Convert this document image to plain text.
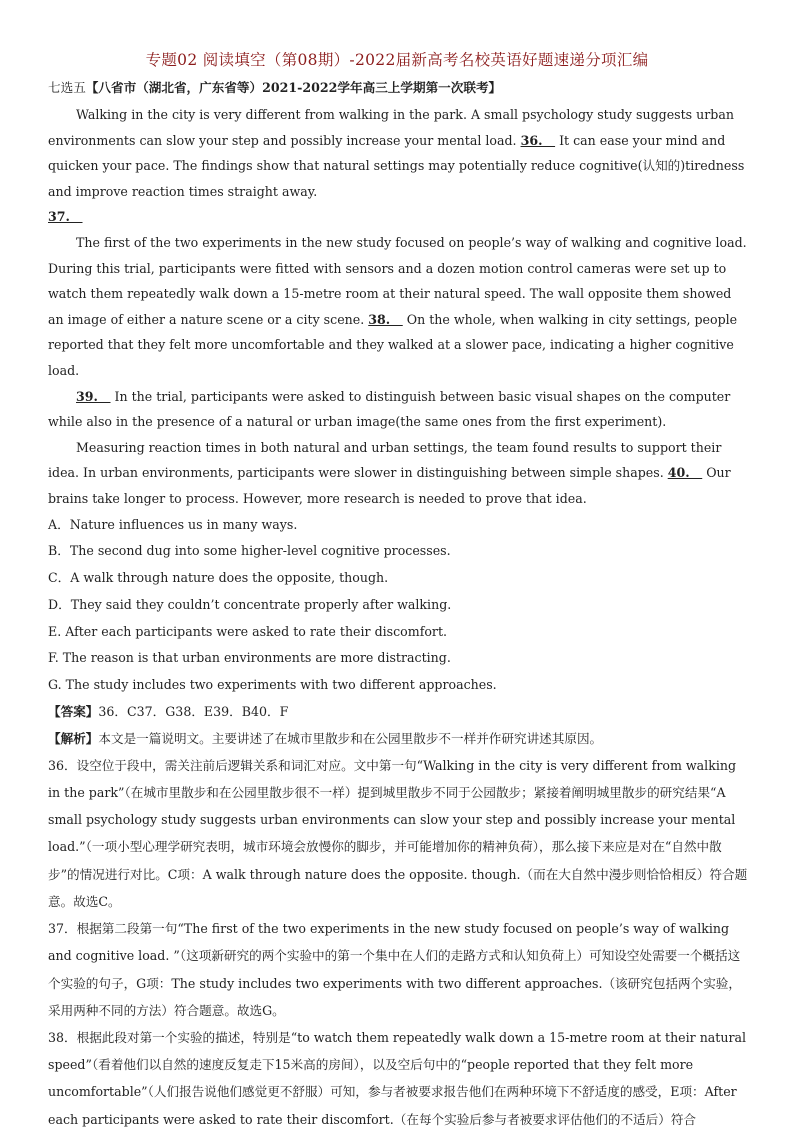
专题02 阅读填空（第08期）-2022届新高考名校英语好题速递分项汇编

七选五【八省市（湖北省，广东省等）2021-2022学年高三上学期第一次联考】

Walking in the city is very different from walking in the park. A small psychology study suggests urban environments can slow your step and possibly increase your mental load. 36.　 It can ease your mind and quicken your pace. The findings show that natural settings may potentially reduce cognitive(认知的)tiredness and improve reaction times straight away.
37.　

The first of the two experiments in the new study focused on people’s way of walking and cognitive load. During this trial, participants were fitted with sensors and a dozen motion control cameras were set up to watch them repeatedly walk down a 15-metre room at their natural speed. The wall opposite them showed an image of either a nature scene or a city scene. 38.　 On the whole, when walking in city settings, people reported that they felt more uncomfortable and they walked at a slower pace, indicating a higher cognitive load.

39.　 In the trial, participants were asked to distinguish between basic visual shapes on the computer while also in the presence of a natural or urban image(the same ones from the first experiment).

Measuring reaction times in both natural and urban settings, the team found results to support their idea. In urban environments, participants were slower in distinguishing between simple shapes. 40.　 Our brains take longer to process. However, more research is needed to prove that idea.

A．Nature influences us in many ways.

B．The second dug into some higher-level cognitive processes.

C．A walk through nature does the opposite, though.

D．They said they couldn’t concentrate properly after walking.

E. After each participants were asked to rate their discomfort.

F. The reason is that urban environments are more distracting.

G. The study includes two experiments with two different approaches.

【答案】36．C37．G38．E39．B40．F

【解析】本文是一篇说明文。主要讲述了在城市里散步和在公园里散步不一样并作研究讲述其原因。

36．设空位于段中，需关注前后逻辑关系和词汇对应。文中第一句“Walking in the city is very different from walking in the park”（在城市里散步和在公园里散步很不一样）提到城里散步不同于公园散步；紧接着阐明城里散步的研究结果“A small psychology study suggests urban environments can slow your step and possibly increase your mental load.”（一项小型心理学研究表明，城市环境会放慢你的脚步，并可能增加你的精神负荷），那么接下来应是对在“自然中散步”的情况进行对比。C项：A walk through nature does the opposite. though.（而在大自然中漫步则恰恰相反）符合题意。故选C。

37．根据第二段第一句“The first of the two experiments in the new study focused on people’s way of walking and cognitive load. ”（这项新研究的两个实验中的第一个集中在人们的走路方式和认知负荷上）可知设空处需要一个概括这个实验的句子，G项：The study includes two experiments with two different approaches.（该研究包括两个实验，采用两种不同的方法）符合题意。故选G。

38．根据此段对第一个实验的描述，特别是“to watch them repeatedly walk down a 15-metre room at their natural speed”（看着他们以自然的速度反复走下15米高的房间），以及空后句中的“people reported that they felt more uncomfortable”（人们报告说他们感觉更不舒服）可知，参与者被要求报告他们在两种环境下不舒适度的感受，E项：After each participants were asked to rate their discomfort.（在每个实验后参与者被要求评估他们的不适后）符合
